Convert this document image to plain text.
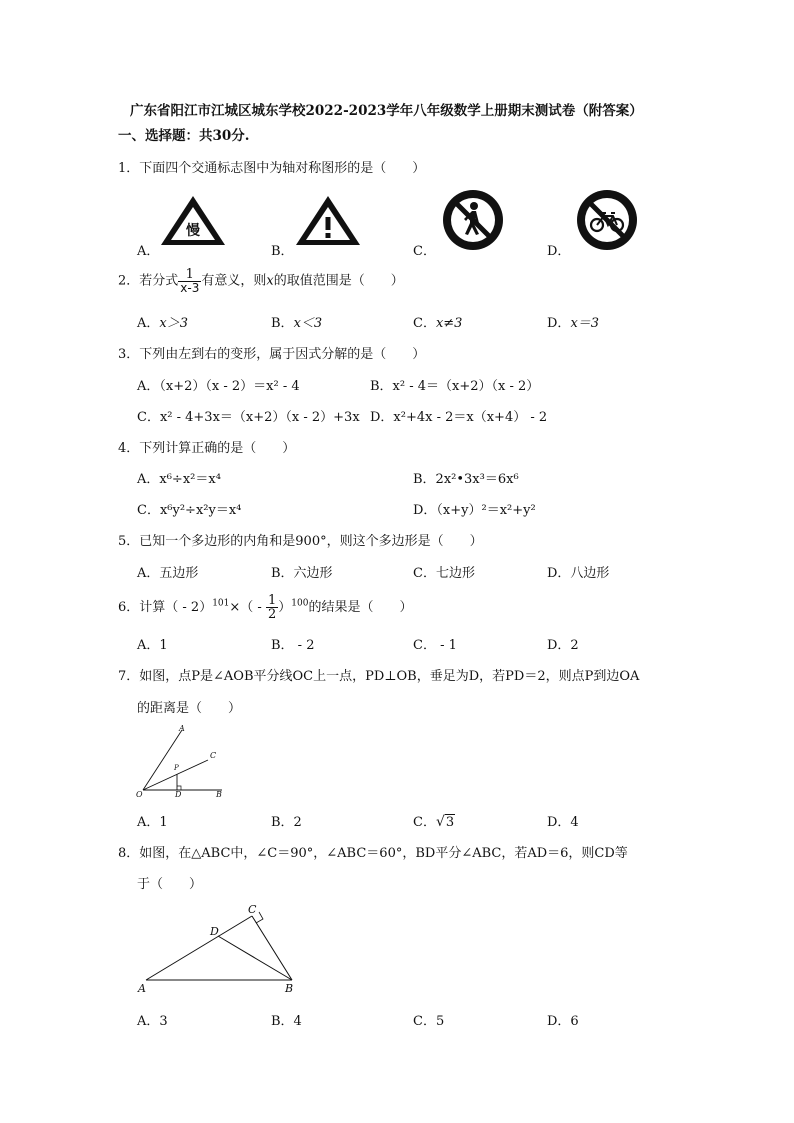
广东省阳江市江城区城东学校2022-2023学年八年级数学上册期末测试卷（附答案）
一、选择题：共30分.
1．下面四个交通标志图中为轴对称图形的是（　　）
A．	B．	C．	D．
慢
2．若分式 $\frac{1}{x-3}$ 有意义，则x的取值范围是（　　）
A．x＞3	B．x＜3	C．x≠3	D．x＝3
3．下列由左到右的变形，属于因式分解的是（　　）
A．（x+2）（x - 2）＝x² - 4	B．x² - 4＝（x+2）（x - 2）
C．x² - 4+3x＝（x+2）（x - 2）+3x D．x²+4x - 2＝x（x+4） - 2
4．下列计算正确的是（　　）
A．x⁶÷x²＝x⁴	B．2x²•3x³＝6x⁶
C．x⁶y²÷x²y＝x⁴	D．（x+y）²＝x²+y²
5．已知一个多边形的内角和是900°，则这个多边形是（　　）
A．五边形	B．六边形	C．七边形	D．八边形
6．计算（ - $2)^{101}\times( - \frac{1}{2} )^{100}$的结果是（　　）
A．1	B． - 2	C． - 1	D．2
7．如图，点P是∠AOB平分线OC上一点，PD⊥OB，垂足为D，若PD＝2，则点P到边OA
的距离是（　　）
A
C
P
O	D	B
A．1	B．2	C．√3	D．4
8．如图，在△ABC中，∠C＝90°，∠ABC＝60°，BD平分∠ABC，若AD＝6，则CD等
于（　　）
C
D
A	B
A．3	B．4	C．5	D．6
